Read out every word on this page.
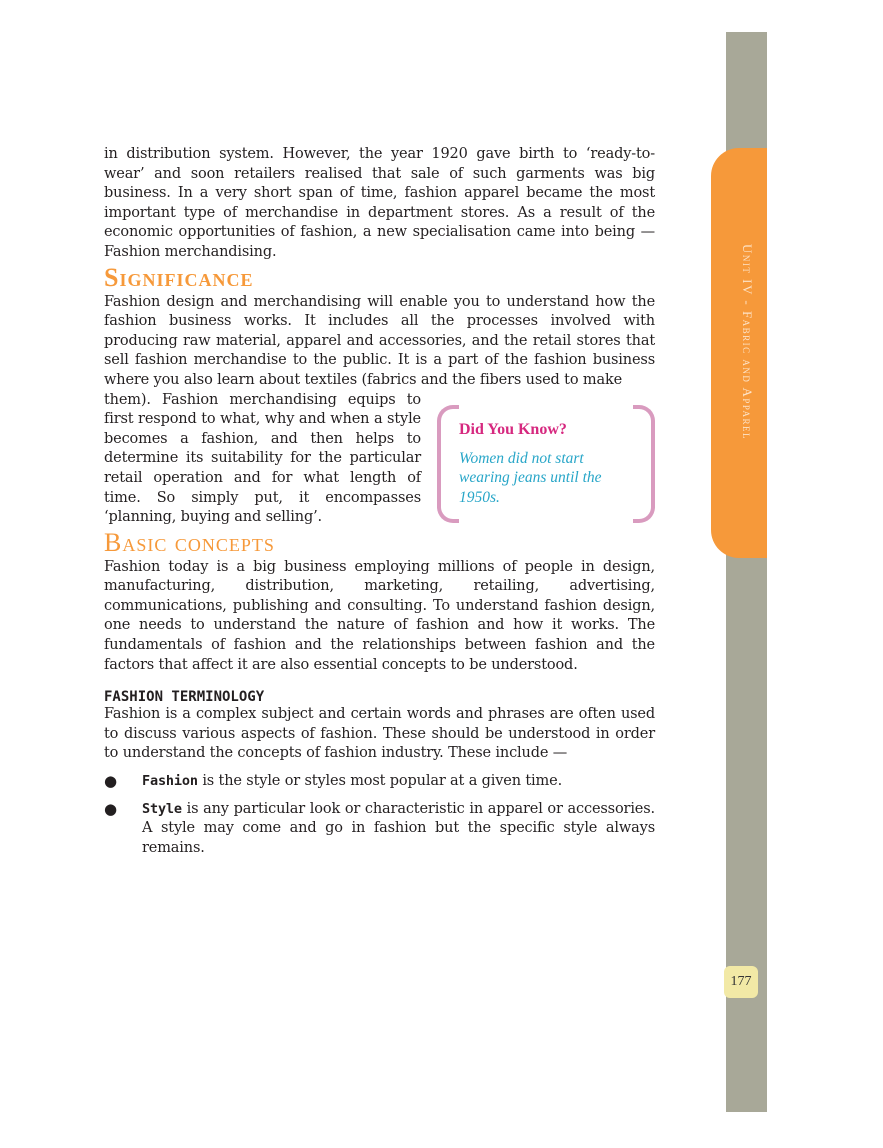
Unit IV - Fabric and Apparel
177

in distribution system. However, the year 1920 gave birth to ‘ready-to- wear’ and soon retailers realised that sale of such garments was big business. In a very short span of time, fashion apparel became the most important type of merchandise in department stores. As a result of the economic opportunities of fashion, a new specialisation came into being — Fashion merchandising.

Significance

Fashion design and merchandising will enable you to understand how the fashion business works. It includes all the processes involved with producing raw material, apparel and accessories, and the retail stores that sell fashion merchandise to the public. It is a part of the fashion business where you also learn about textiles (fabrics and the fibers used to make

them). Fashion merchandising equips to first respond to what, why and when a style becomes a fashion, and then helps to determine its suitability for the particular retail operation and for what length of time. So simply put, it encompasses ‘planning, buying and selling’.

Did You Know?
Women did not start wearing jeans until the 1950s.
Basic concepts

Fashion today is a big business employing millions of people in design, manufacturing, distribution, marketing, retailing, advertising, communications, publishing and consulting. To understand fashion design, one needs to understand the nature of fashion and how it works. The fundamentals of fashion and the relationships between fashion and the factors that affect it are also essential concepts to be understood.

FASHION TERMINOLOGY

Fashion is a complex subject and certain words and phrases are often used to discuss various aspects of fashion. These should be understood in order to understand the concepts of fashion industry. These include —

● Fashion is the style or styles most popular at a given time.
● Style is any particular look or characteristic in apparel or accessories. A style may come and go in fashion but the specific style always remains.
